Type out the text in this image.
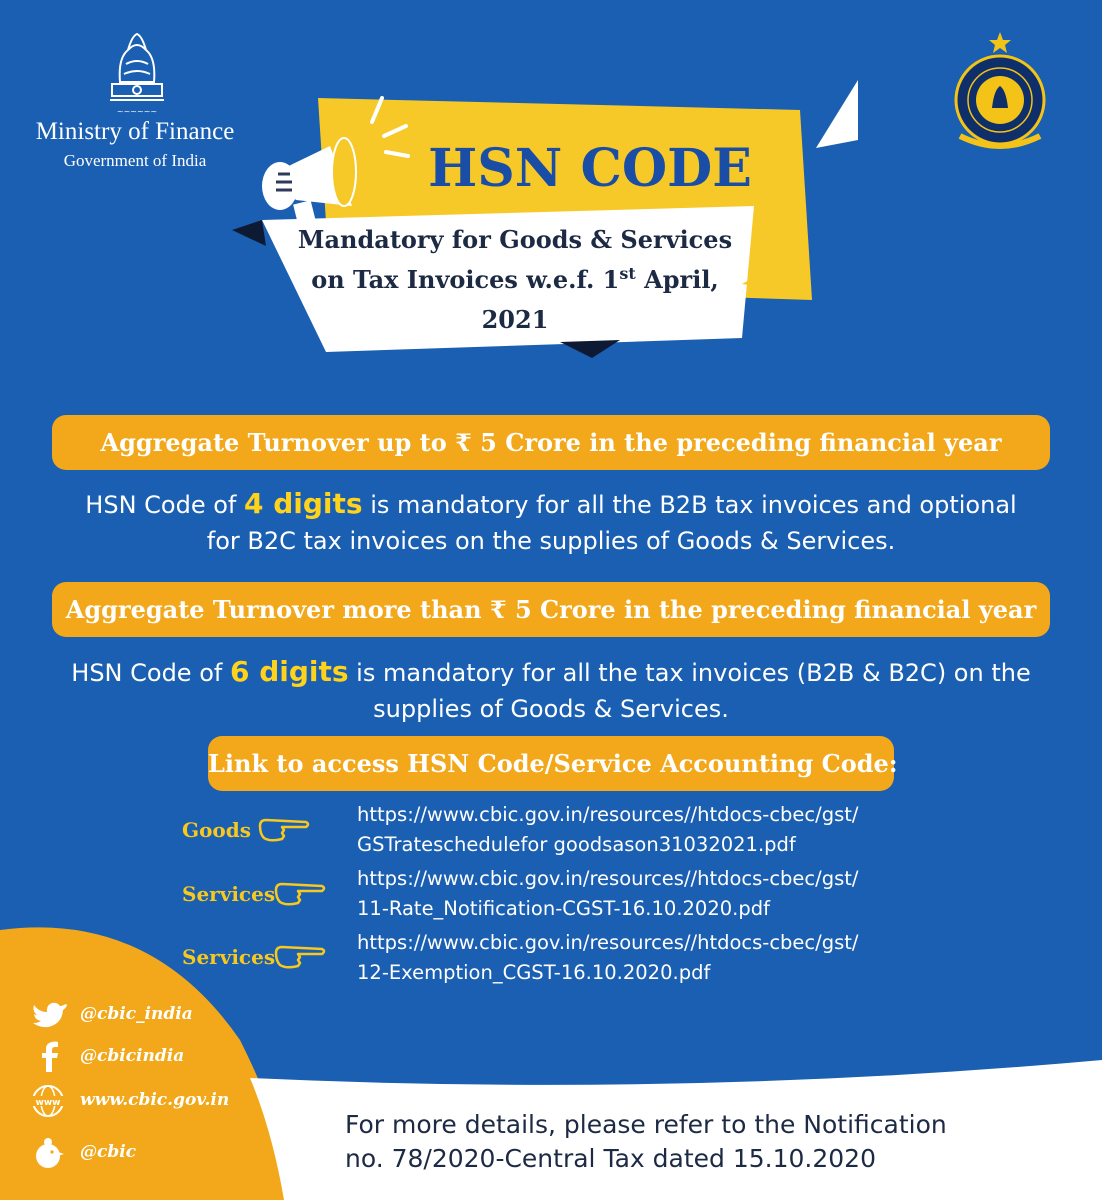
~~~~~~
Ministry of Finance
Government of India	HSN CODE
Mandatory for Goods & Services
on Tax Invoices w.e.f. 1st April,
2021
Aggregate Turnover up to ₹ 5 Crore in the preceding financial year
HSN Code of 4 digits is mandatory for all the B2B tax invoices and optional
for B2C tax invoices on the supplies of Goods & Services.
Aggregate Turnover more than ₹ 5 Crore in the preceding financial year
HSN Code of 6 digits is mandatory for all the tax invoices (B2B & B2C) on the
supplies of Goods & Services.
Link to access HSN Code/Service Accounting Code:
Goods
https://www.cbic.gov.in/resources//htdocs-cbec/gst/
GSTrateschedulefor goodsason31032021.pdf
Services
https://www.cbic.gov.in/resources//htdocs-cbec/gst/
11-Rate_Notification-CGST-16.10.2020.pdf
Services
https://www.cbic.gov.in/resources//htdocs-cbec/gst/
12-Exemption_CGST-16.10.2020.pdf
@cbic_india
@cbicindia
www www.cbic.gov.in
@cbic
For more details, please refer to the Notification
no. 78/2020-Central Tax dated 15.10.2020
